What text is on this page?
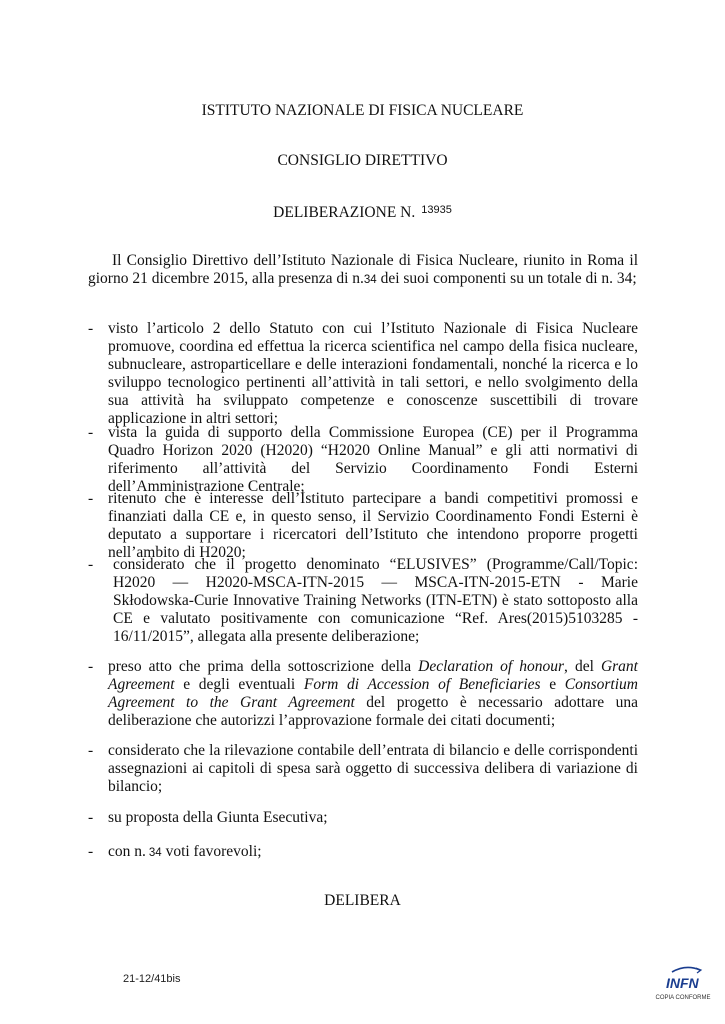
ISTITUTO NAZIONALE DI FISICA NUCLEARE
CONSIGLIO DIRETTIVO
DELIBERAZIONE N. $^{13935}$
Il Consiglio Direttivo dell’Istituto Nazionale di Fisica Nucleare, riunito in Roma il giorno 21 dicembre 2015, alla presenza di n.34 dei suoi componenti su un totale di n. 34;
- visto l’articolo 2 dello Statuto con cui l’Istituto Nazionale di Fisica Nucleare promuove, coordina ed effettua la ricerca scientifica nel campo della fisica nucleare, subnucleare, astroparticellare e delle interazioni fondamentali, nonché la ricerca e lo sviluppo tecnologico pertinenti all’attività in tali settori, e nello svolgimento della sua attività ha sviluppato competenze e conoscenze suscettibili di trovare applicazione in altri settori;
- vista la guida di supporto della Commissione Europea (CE) per il Programma Quadro Horizon 2020 (H2020) “H2020 Online Manual” e gli atti normativi di riferimento all’attività del Servizio Coordinamento Fondi Esterni dell’Amministrazione Centrale;
- ritenuto che è interesse dell’Istituto partecipare a bandi competitivi promossi e finanziati dalla CE e, in questo senso, il Servizio Coordinamento Fondi Esterni è deputato a supportare i ricercatori dell’Istituto che intendono proporre progetti nell’ambito di H2020;
- considerato che il progetto denominato “ELUSIVES” (Programme/Call/Topic: H2020 — H2020-MSCA-ITN-2015 — MSCA-ITN-2015-ETN - Marie Skłodowska-Curie Innovative Training Networks (ITN-ETN) è stato sottoposto alla CE e valutato positivamente con comunicazione “Ref. Ares(2015)5103285 - 16/11/2015”, allegata alla presente deliberazione;
- preso atto che prima della sottoscrizione della Declaration of honour, del Grant Agreement e degli eventuali Form di Accession of Beneficiaries e Consortium Agreement to the Grant Agreement del progetto è necessario adottare una deliberazione che autorizzi l’approvazione formale dei citati documenti;
- considerato che la rilevazione contabile dell’entrata di bilancio e delle corrispondenti assegnazioni ai capitoli di spesa sarà oggetto di successiva delibera di variazione di bilancio;
- su proposta della Giunta Esecutiva;
- con n. 34 voti favorevoli;
DELIBERA
21-12/41bis	INFN
COPIA CONFORME
